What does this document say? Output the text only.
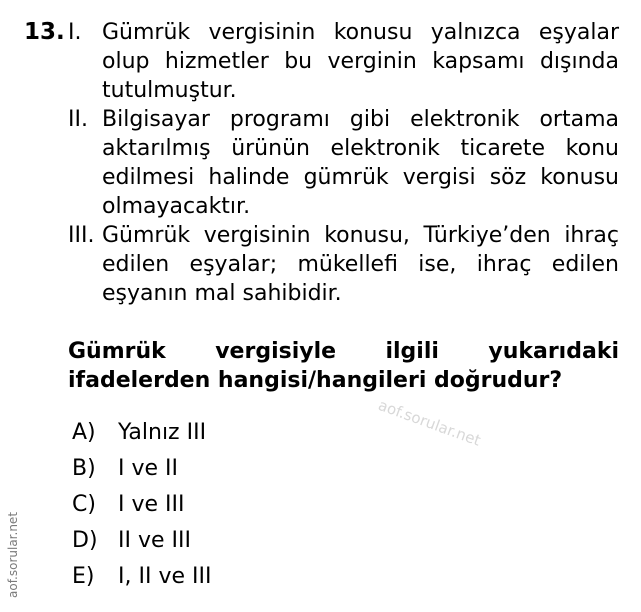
13. I. Gümrük vergisinin konusu yalnızca eşyalar olup hizmetler bu verginin kapsamı dışında tutulmuştur.
II. Bilgisayar programı gibi elektronik ortama aktarılmış ürünün elektronik ticarete konu edilmesi halinde gümrük vergisi söz konusu olmayacaktır.
III. Gümrük vergisinin konusu, Türkiye’den ihraç edilen eşyalar; mükellefi ise, ihraç edilen eşyanın mal sahibidir.
Gümrük vergisiyle ilgili yukarıdaki ifadelerden hangisi/hangileri doğrudur?
A)	Yalnız III
B)	I ve II
C)	I ve III
D) II ve III
E)	I, II ve III
aof.sorular.net
aof.sorular.net
